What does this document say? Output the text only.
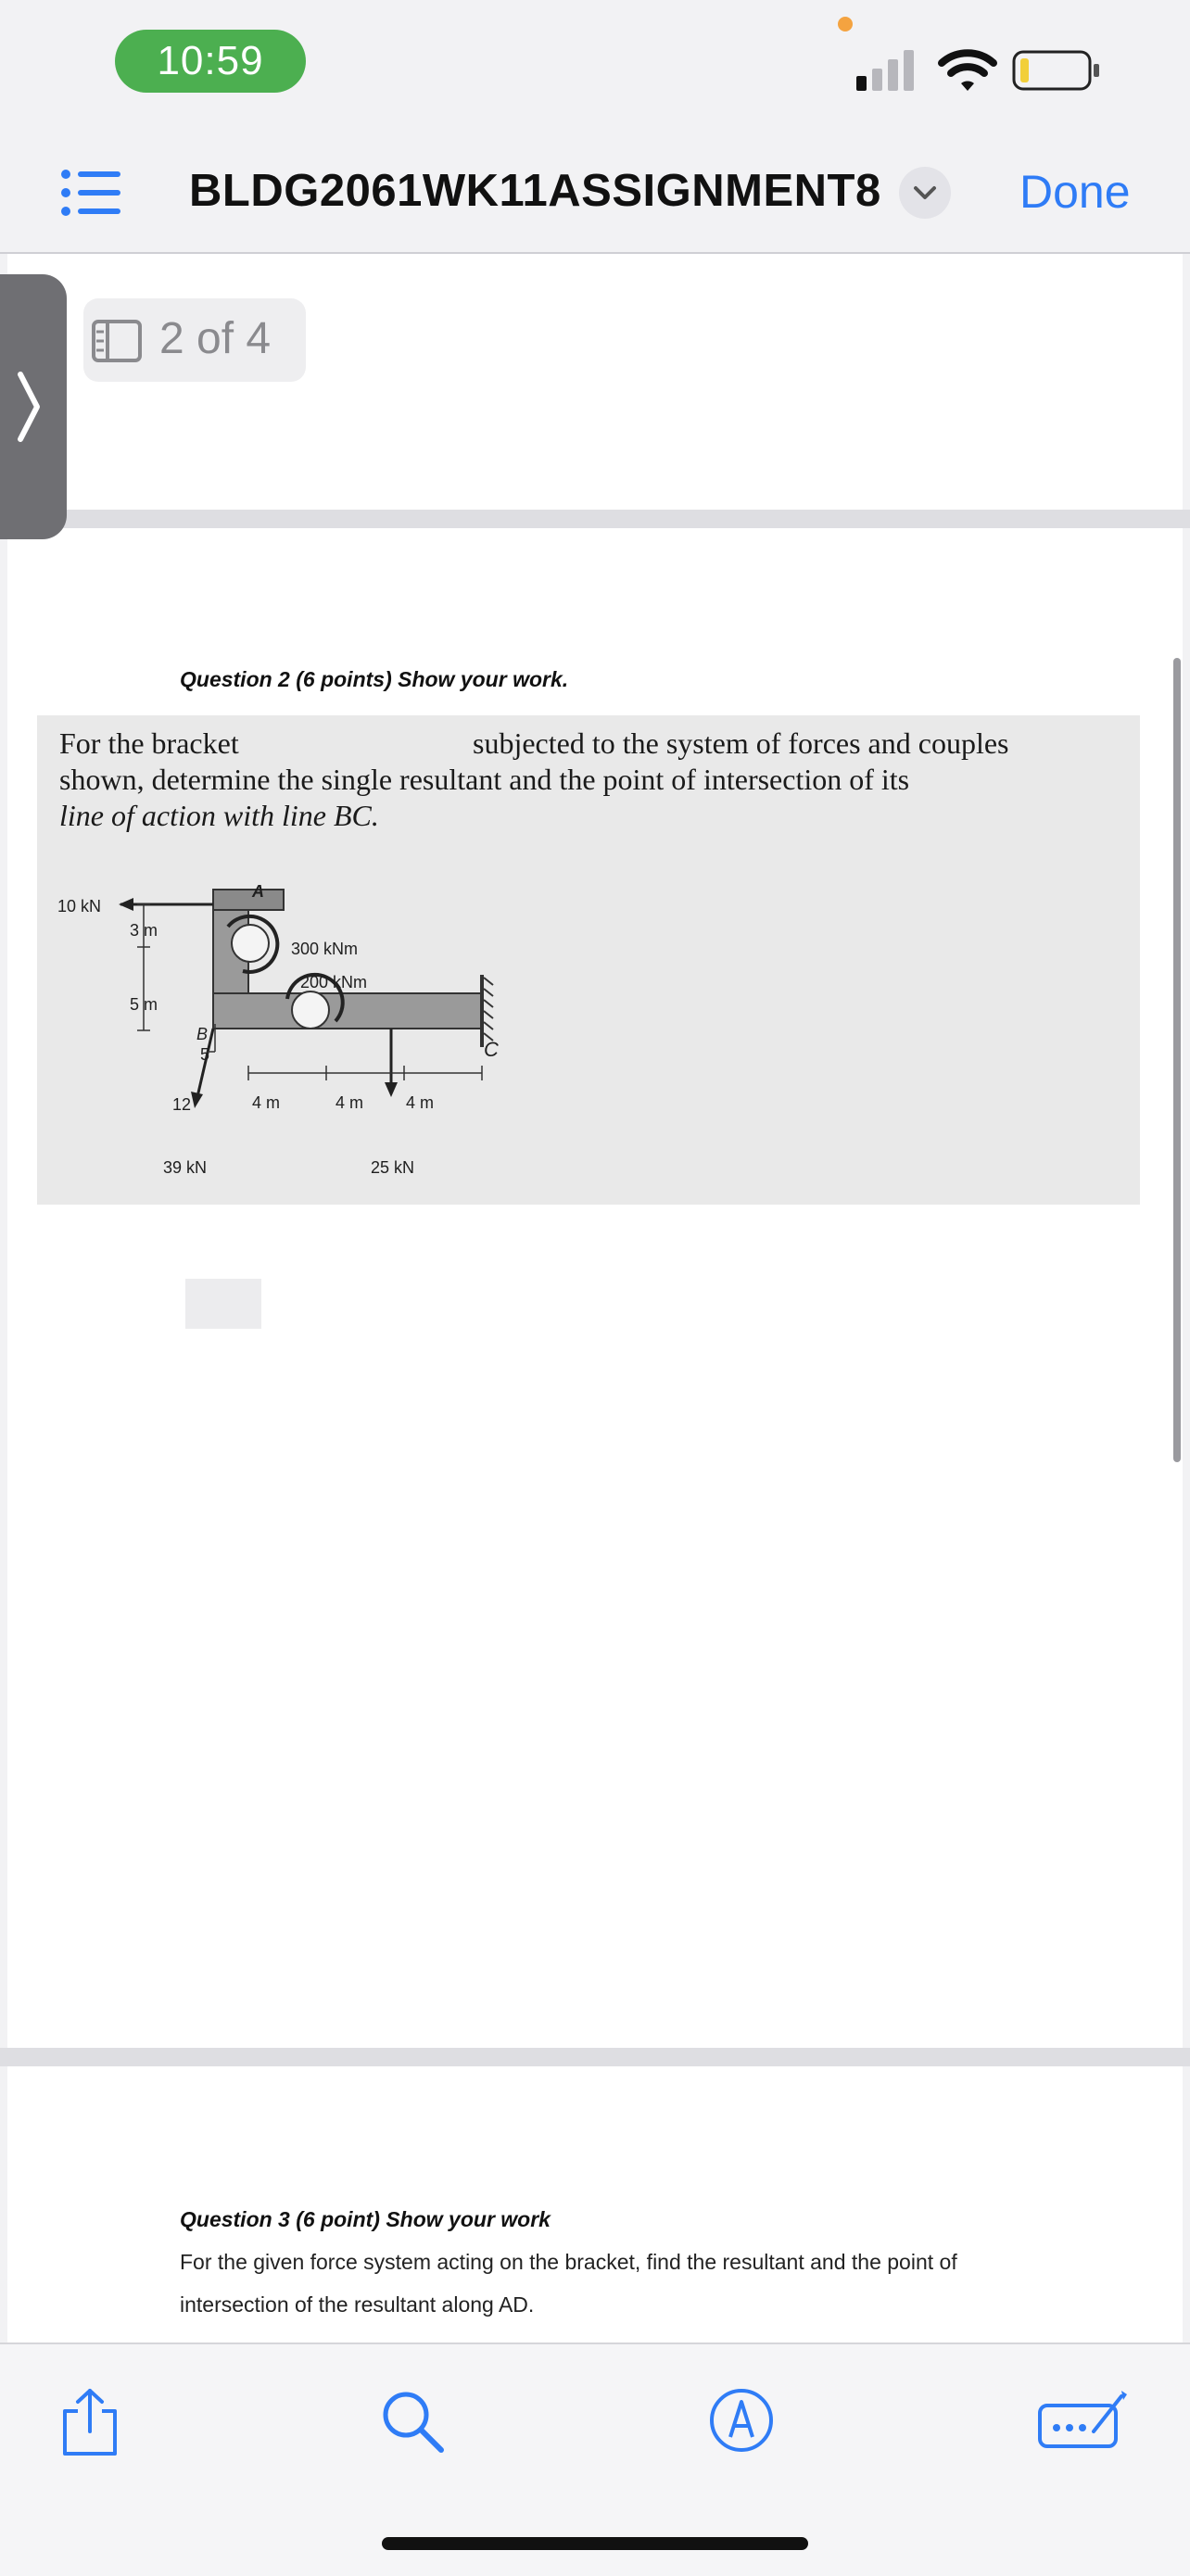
10:59
BLDG2061WK11ASSIGNMENT8	Done
2 of 4
Question 2 (6 points) Show your work.
For the bracket	subjected to the system of forces and couples
shown, determine the single resultant and the point of intersection of its
line of action with line BC.
10 kN
3 m
5 m
A
B
C
300 kNm
200 kNm
5
12	4 m	4 m	4 m
39 kN	25 kN
Question 3 (6 point) Show your work
For the given force system acting on the bracket, find the resultant and the point of
intersection of the resultant along AD.
